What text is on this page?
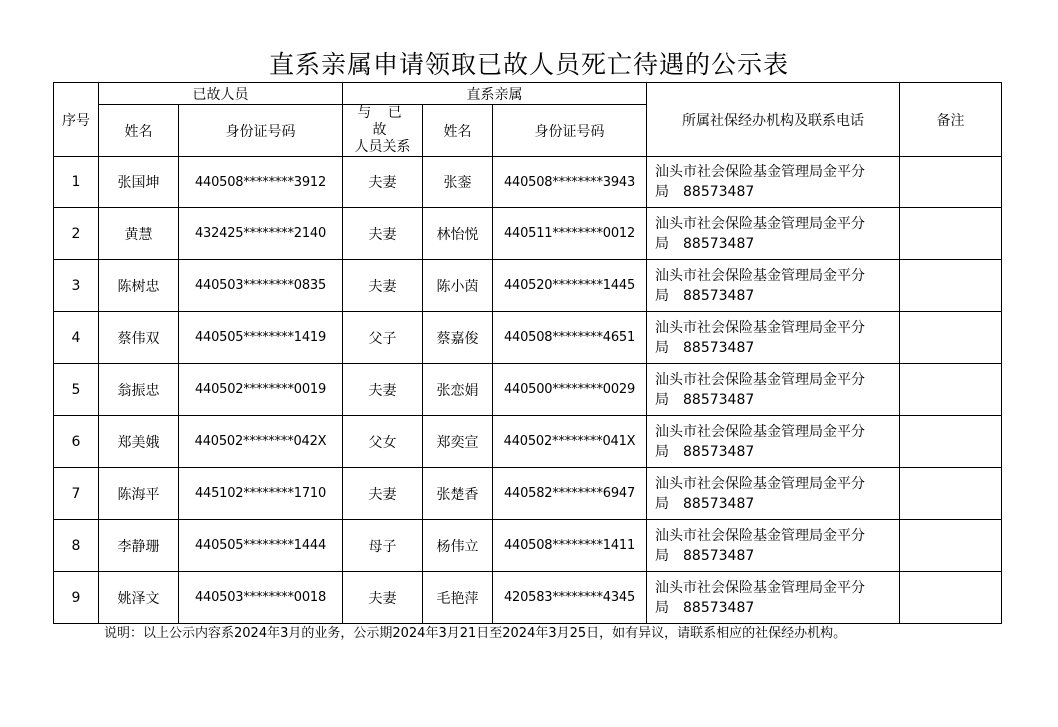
直系亲属申请领取已故人员死亡待遇的公示表
序号	已故人员		直系亲属			所属社保经办机构及联系电话	备注
	姓名	身份证号码	与 已 故
人员关系	姓名	身份证号码		
1	张国坤	440508********3912	夫妻	张銮	440508********3943	汕头市社会保险基金管理局金平分
局　88573487	

2	黄慧	432425********2140	夫妻	林怡悦	440511********0012	汕头市社会保险基金管理局金平分
局　88573487	

3	陈树忠	440503********0835	夫妻	陈小茵	440520********1445	汕头市社会保险基金管理局金平分
局　88573487	

4	蔡伟双	440505********1419	父子	蔡嘉俊	440508********4651	汕头市社会保险基金管理局金平分
局　88573487	

5	翁振忠	440502********0019	夫妻	张恋娟	440500********0029	汕头市社会保险基金管理局金平分
局　88573487	

6	郑美娥	440502********042X	父女	郑奕宣	440502********041X	汕头市社会保险基金管理局金平分
局　88573487	

7	陈海平	445102********1710	夫妻	张楚香	440582********6947	汕头市社会保险基金管理局金平分
局　88573487	

8	李静珊	440505********1444	母子	杨伟立	440508********1411	汕头市社会保险基金管理局金平分
局　88573487	

9	姚泽文	440503********0018	夫妻	毛艳萍	420583********4345	汕头市社会保险基金管理局金平分
局　88573487	

说明：以上公示内容系2024年3月的业务，公示期2024年3月21日至2024年3月25日，如有异议，请联系相应的社保经办机构。
